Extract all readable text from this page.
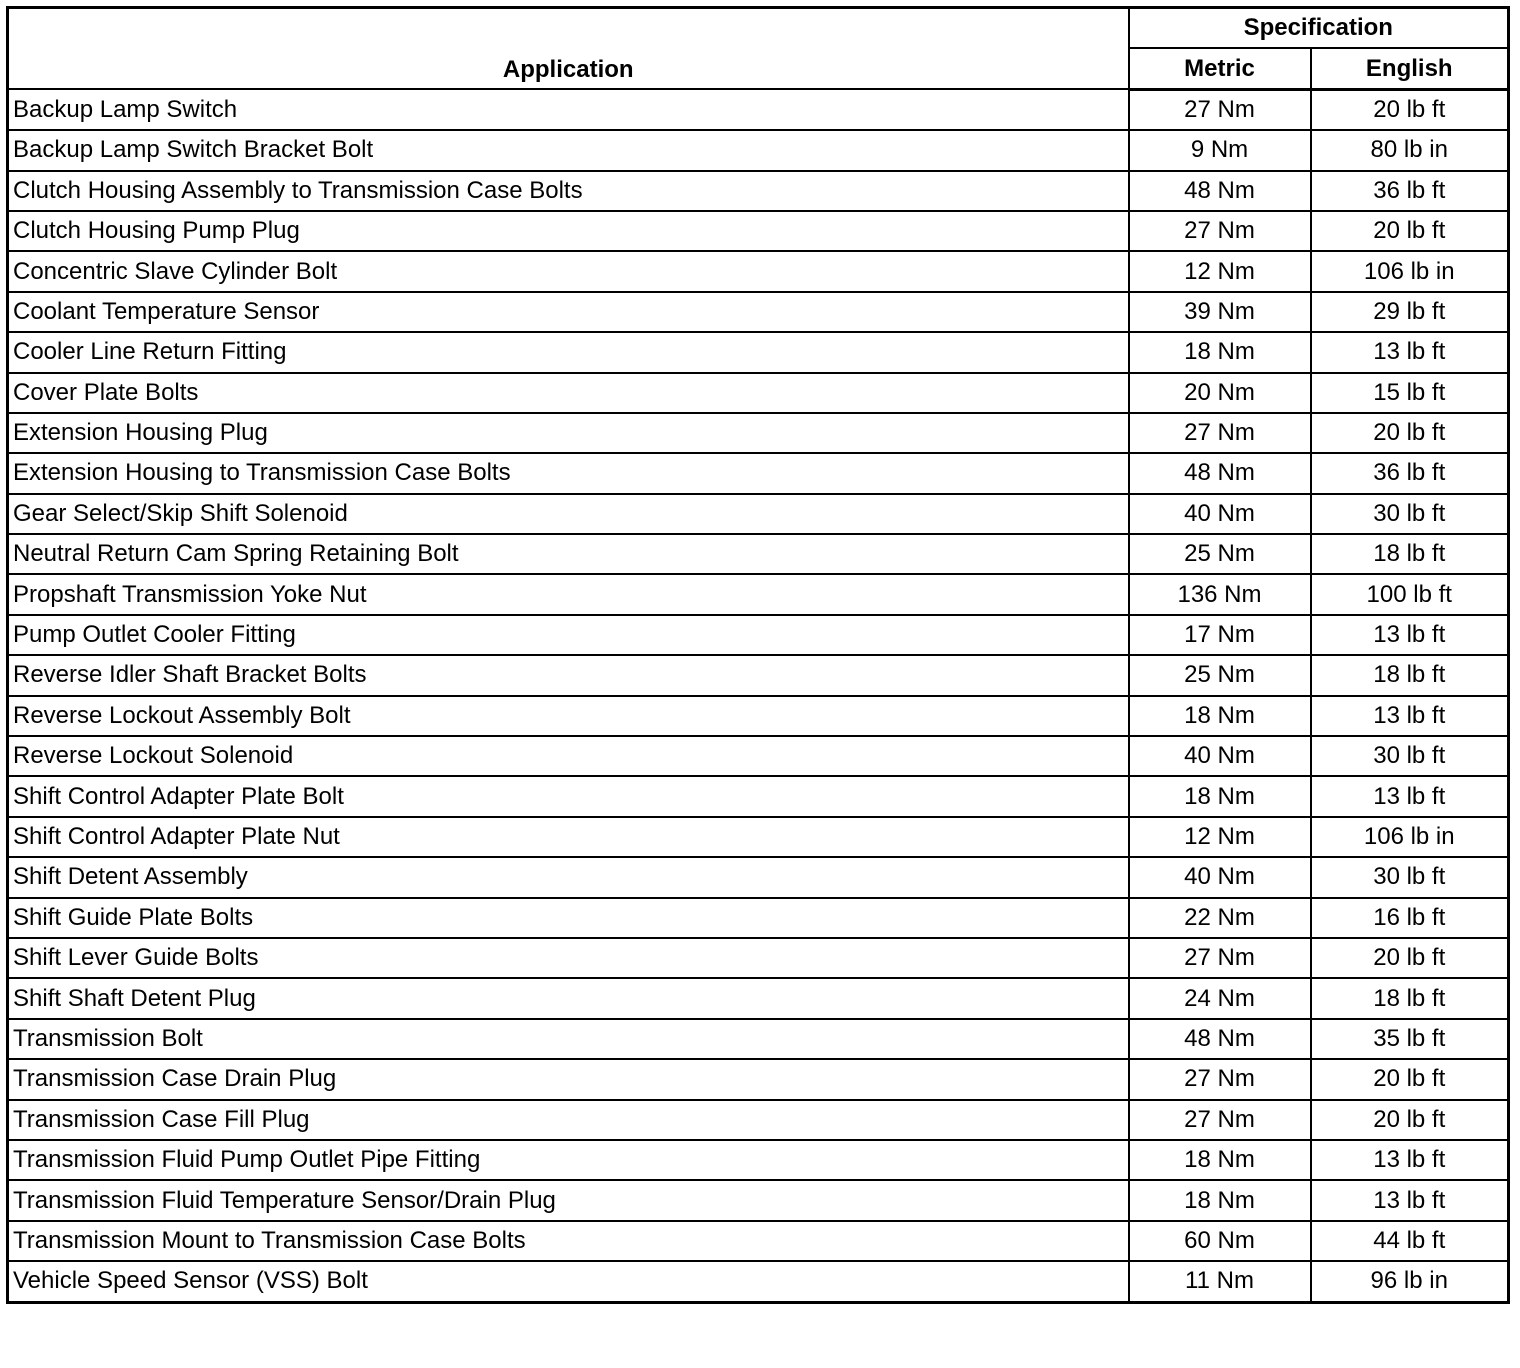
Application	Specification	
	Metric	English
Backup Lamp Switch	27 Nm	20 lb ft
Backup Lamp Switch Bracket Bolt	9 Nm	80 lb in
Clutch Housing Assembly to Transmission Case Bolts	48 Nm	36 lb ft
Clutch Housing Pump Plug	27 Nm	20 lb ft
Concentric Slave Cylinder Bolt	12 Nm	106 lb in
Coolant Temperature Sensor	39 Nm	29 lb ft
Cooler Line Return Fitting	18 Nm	13 lb ft
Cover Plate Bolts	20 Nm	15 lb ft
Extension Housing Plug	27 Nm	20 lb ft
Extension Housing to Transmission Case Bolts	48 Nm	36 lb ft
Gear Select/Skip Shift Solenoid	40 Nm	30 lb ft
Neutral Return Cam Spring Retaining Bolt	25 Nm	18 lb ft
Propshaft Transmission Yoke Nut	136 Nm	100 lb ft
Pump Outlet Cooler Fitting	17 Nm	13 lb ft
Reverse Idler Shaft Bracket Bolts	25 Nm	18 lb ft
Reverse Lockout Assembly Bolt	18 Nm	13 lb ft
Reverse Lockout Solenoid	40 Nm	30 lb ft
Shift Control Adapter Plate Bolt	18 Nm	13 lb ft
Shift Control Adapter Plate Nut	12 Nm	106 lb in
Shift Detent Assembly	40 Nm	30 lb ft
Shift Guide Plate Bolts	22 Nm	16 lb ft
Shift Lever Guide Bolts	27 Nm	20 lb ft
Shift Shaft Detent Plug	24 Nm	18 lb ft
Transmission Bolt	48 Nm	35 lb ft
Transmission Case Drain Plug	27 Nm	20 lb ft
Transmission Case Fill Plug	27 Nm	20 lb ft
Transmission Fluid Pump Outlet Pipe Fitting	18 Nm	13 lb ft
Transmission Fluid Temperature Sensor/Drain Plug	18 Nm	13 lb ft
Transmission Mount to Transmission Case Bolts	60 Nm	44 lb ft
Vehicle Speed Sensor (VSS) Bolt	11 Nm	96 lb in
